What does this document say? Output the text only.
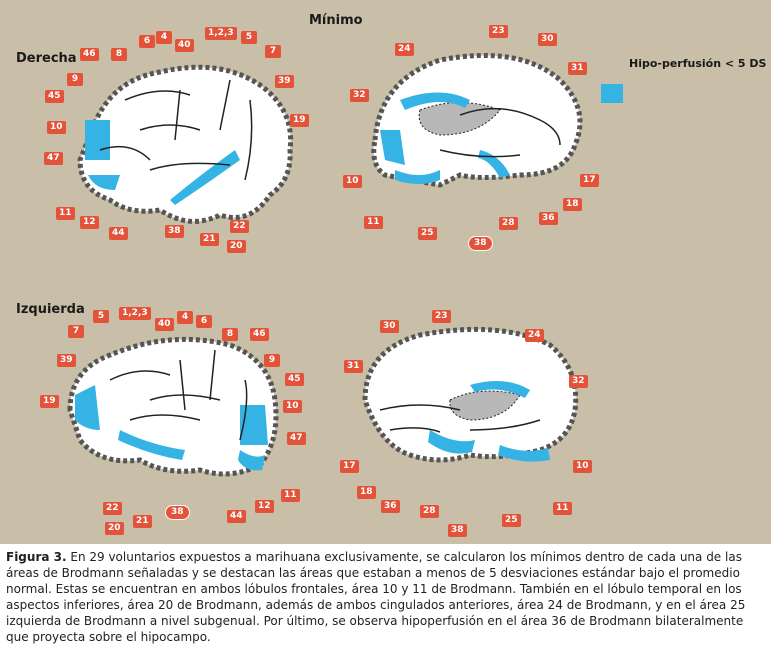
Mínimo
Derecha
Izquierda
Hipo-perfusión < 5 DS
6	4	1,2,3	5
7
39
19
46	8
40
9
45
10
47
11
12
44	38
21
20
22
24
23
30
31
32
10
11
25
38
28	36
18
17
5	1,2,3
40
4	6
7
39
8	46
9
45
19	10
47
11
12
44
38
21
20
22
30
23
24
31
32
17
18
36	28
38
25
11
10
Figura 3. En 29 voluntarios expuestos a marihuana exclusivamente, se calcularon los mínimos dentro de cada una de las áreas de Brodmann señaladas y se destacan las áreas que estaban a menos de 5 desviaciones estándar bajo el promedio normal. Estas se encuentran en ambos lóbulos frontales, área 10 y 11 de Brodmann. También en el lóbulo temporal en los aspectos inferiores, área 20 de Brodmann, además de ambos cingulados anteriores, área 24 de Brodmann, y en el área 25 izquierda de Brodmann a nivel subgenual. Por último, se observa hipoperfusión en el área 36 de Brodmann bilateralmente que proyecta sobre el hipocampo.
